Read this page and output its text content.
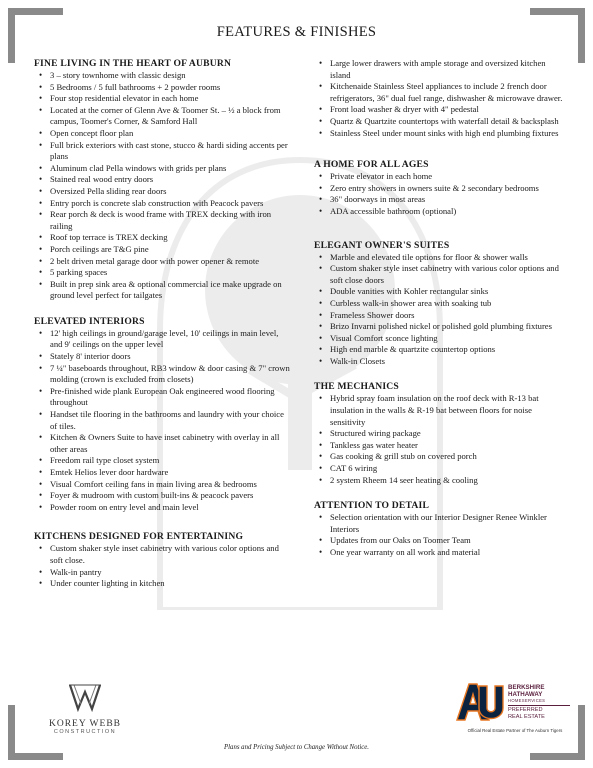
FEATURES & FINISHES
FINE LIVING IN THE HEART OF AUBURN
• 3 – story townhome with classic design
• 5 Bedrooms / 5 full bathrooms + 2 powder rooms
• Four stop residential elevator in each home
• Located at the corner of Glenn Ave & Toomer St. – ½ a block from campus, Toomer's Corner, & Samford Hall
• Open concept floor plan
• Full brick exteriors with cast stone, stucco & hardi siding accents per plans
• Aluminum clad Pella windows with grids per plans
• Stained real wood entry doors
• Oversized Pella sliding rear doors
• Entry porch is concrete slab construction with Peacock pavers
• Rear porch & deck is wood frame with TREX decking with iron railing
• Roof top terrace is TREX decking
• Porch ceilings are T&G pine
• 2 belt driven metal garage door with power opener & remote
• 5 parking spaces
• Built in prep sink area & optional commercial ice make upgrade on ground level perfect for tailgates
ELEVATED INTERIORS
• 12' high ceilings in ground/garage level, 10' ceilings in main level, and 9' ceilings on the upper level
• Stately 8' interior doors
• 7 ¼" baseboards throughout, RB3 window & door casing & 7" crown molding (crown is excluded from closets)
• Pre-finished wide plank European Oak engineered wood flooring throughout
• Handset tile flooring in the bathrooms and laundry with your choice of tiles.
• Kitchen & Owners Suite to have inset cabinetry with overlay in all other areas
• Freedom rail type closet system
• Emtek Helios lever door hardware
• Visual Comfort ceiling fans in main living area & bedrooms
• Foyer & mudroom with custom built-ins & peacock pavers
• Powder room on entry level and main level
KITCHENS DESIGNED FOR ENTERTAINING
• Custom shaker style inset cabinetry with various color options and soft close.
• Walk-in pantry
• Under counter lighting in kitchen
• Large lower drawers with ample storage and oversized kitchen island
• Kitchenaide Stainless Steel appliances to include 2 french door refrigerators, 36" dual fuel range, dishwasher & microwave drawer.
• Front load washer & dryer with 4" pedestal
• Quartz & Quartzite countertops with waterfall detail & backsplash
• Stainless Steel under mount sinks with high end plumbing fixtures
A HOME FOR ALL AGES
• Private elevator in each home
• Zero entry showers in owners suite & 2 secondary bedrooms
• 36" doorways in most areas
• ADA accessible bathroom (optional)
ELEGANT OWNER'S SUITES
• Marble and elevated tile options for floor & shower walls
• Custom shaker style inset cabinetry with various color options and soft close doors
• Double vanities with Kohler rectangular sinks
• Curbless walk-in shower area with soaking tub
• Frameless Shower doors
• Brizo Invarni polished nickel or polished gold plumbing fixtures
• Visual Comfort sconce lighting
• High end marble & quartzite countertop options
• Walk-in Closets
THE MECHANICS
• Hybrid spray foam insulation on the roof deck with R-13 bat insulation in the walls & R-19 bat between floors for noise sensitivity
• Structured wiring package
• Tankless gas water heater
• Gas cooking & grill stub on covered porch
• CAT 6 wiring
• 2 system Rheem 14 seer heating & cooling
ATTENTION TO DETAIL
• Selection orientation with our Interior Designer Renee Winkler Interiors
• Updates from our Oaks on Toomer Team
• One year warranty on all work and material
KOREY WEBB
CONSTRUCTION
BERKSHIRE
HATHAWAY
HOMESERVICES
PREFERRED
REAL ESTATE
Official Real Estate Partner of The Auburn Tigers
Plans and Pricing Subject to Change Without Notice.
